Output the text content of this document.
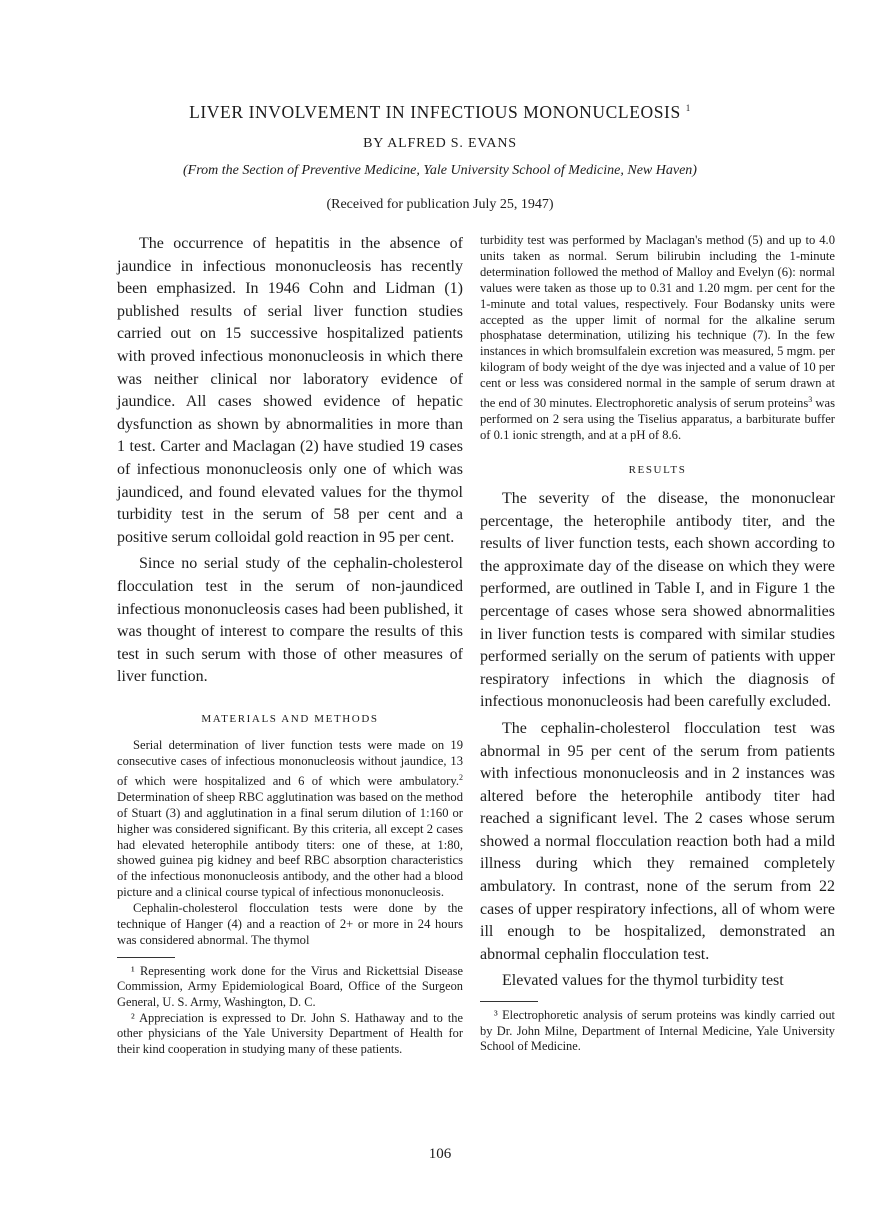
LIVER INVOLVEMENT IN INFECTIOUS MONONUCLEOSIS $^1$
BY ALFRED S. EVANS
(From the Section of Preventive Medicine, Yale University School of Medicine, New Haven)
(Received for publication July 25, 1947)

The occurrence of hepatitis in the absence of jaundice in infectious mononucleosis has recently been emphasized. In 1946 Cohn and Lidman (1) published results of serial liver function studies carried out on 15 successive hospitalized patients with proved infectious mononucleosis in which there was neither clinical nor laboratory evidence of jaundice. All cases showed evidence of hepatic dysfunction as shown by abnormalities in more than 1 test. Carter and Maclagan (2) have studied 19 cases of infectious mononucleosis only one of which was jaundiced, and found elevated values for the thymol turbidity test in the serum of 58 per cent and a positive serum colloidal gold reaction in 95 per cent.

Since no serial study of the cephalin-cholesterol flocculation test in the serum of non-jaundiced infectious mononucleosis cases had been published, it was thought of interest to compare the results of this test in such serum with those of other measures of liver function.

MATERIALS AND METHODS

Serial determination of liver function tests were made on 19 consecutive cases of infectious mononucleosis without jaundice, 13 of which were hospitalized and 6 of which were ambulatory.$^2$ Determination of sheep RBC agglutination was based on the method of Stuart (3) and agglutination in a final serum dilution of 1:160 or higher was considered significant. By this criteria, all except 2 cases had elevated heterophile antibody titers: one of these, at 1:80, showed guinea pig kidney and beef RBC absorption characteristics of the infectious mononucleosis antibody, and the other had a blood picture and a clinical course typical of infectious mononucleosis.

Cephalin-cholesterol flocculation tests were done by the technique of Hanger (4) and a reaction of 2+ or more in 24 hours was considered abnormal. The thymol

¹ Representing work done for the Virus and Rickettsial Disease Commission, Army Epidemiological Board, Office of the Surgeon General, U. S. Army, Washington, D. C.

² Appreciation is expressed to Dr. John S. Hathaway and to the other physicians of the Yale University Department of Health for their kind cooperation in studying many of these patients.

turbidity test was performed by Maclagan's method (5) and up to 4.0 units taken as normal. Serum bilirubin including the 1-minute determination followed the method of Malloy and Evelyn (6): normal values were taken as those up to 0.31 and 1.20 mgm. per cent for the 1-minute and total values, respectively. Four Bodansky units were accepted as the upper limit of normal for the alkaline serum phosphatase determination, utilizing his technique (7). In the few instances in which bromsulfalein excretion was measured, 5 mgm. per kilogram of body weight of the dye was injected and a value of 10 per cent or less was considered normal in the sample of serum drawn at the end of 30 minutes. Electrophoretic analysis of serum proteins$^3$ was performed on 2 sera using the Tiselius apparatus, a barbiturate buffer of 0.1 ionic strength, and at a pH of 8.6.

RESULTS

The severity of the disease, the mononuclear percentage, the heterophile antibody titer, and the results of liver function tests, each shown according to the approximate day of the disease on which they were performed, are outlined in Table I, and in Figure 1 the percentage of cases whose sera showed abnormalities in liver function tests is compared with similar studies performed serially on the serum of patients with upper respiratory infections in which the diagnosis of infectious mononucleosis had been carefully excluded.

The cephalin-cholesterol flocculation test was abnormal in 95 per cent of the serum from patients with infectious mononucleosis and in 2 instances was altered before the heterophile antibody titer had reached a significant level. The 2 cases whose serum showed a normal flocculation reaction both had a mild illness during which they remained completely ambulatory. In contrast, none of the serum from 22 cases of upper respiratory infections, all of whom were ill enough to be hospitalized, demonstrated an abnormal cephalin flocculation test.

Elevated values for the thymol turbidity test

³ Electrophoretic analysis of serum proteins was kindly carried out by Dr. John Milne, Department of Internal Medicine, Yale University School of Medicine.

106
